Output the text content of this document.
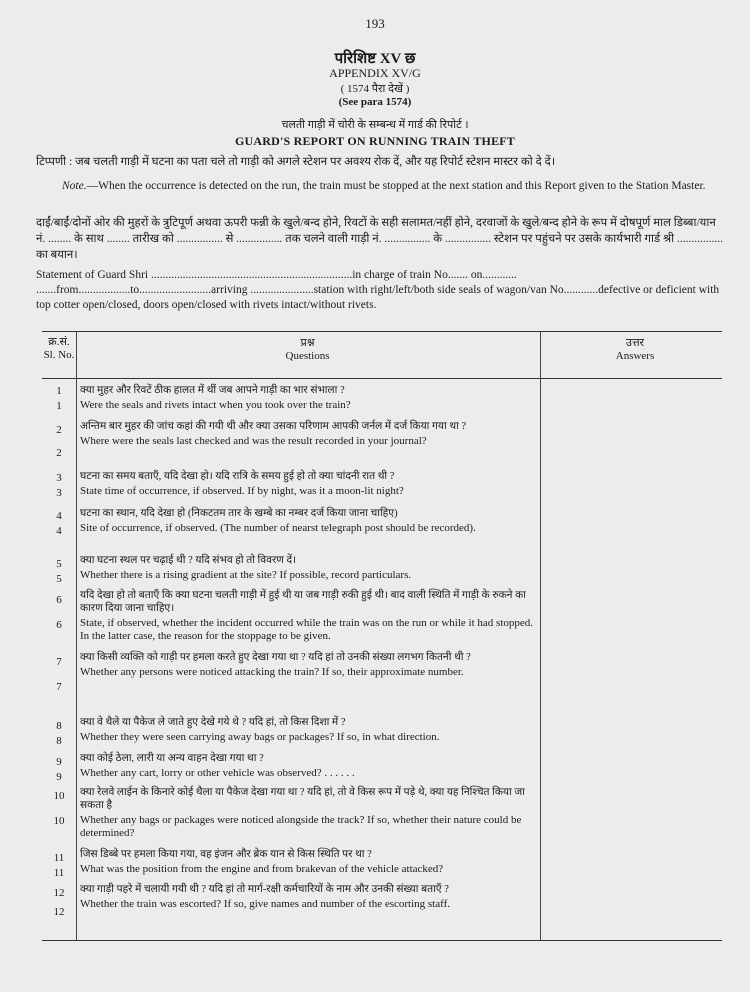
193
परिशिष्ट XV छ
APPENDIX XV/G
( 1574 पैरा देखें )
(See para 1574)
चलती गाड़ी में चोरी के सम्बन्ध में गार्ड की रिपोर्ट ।
GUARD'S REPORT ON RUNNING TRAIN THEFT
टिप्पणी : जब चलती गाड़ी में घटना का पता चले तो गाड़ी को अगले स्टेशन पर अवश्य रोक दें, और यह रिपोर्ट स्टेशन मास्टर को दे दें।
Note.—When the occurrence is detected on the run, the train must be stopped at the next station and this Report given to the Station Master.
दाईं/बाईं/दोनों ओर की मुहरों के त्रुटिपूर्ण अथवा ऊपरी फन्नी के खुले/बन्द होने, रिवटों के सही सलामत/नहीं होने, दरवाजों के खुले/बन्द होने के रूप में दोषपूर्ण माल डिब्बा/यान नं. ........ के साथ ........ तारीख को ................ से ................ तक चलने वाली गाड़ी नं. ................ के ................ स्टेशन पर पहुंचने पर उसके कार्यभारी गार्ड श्री ................ का बयान।
Statement of Guard Shri ......................................................................in charge of train No....... on............ .......from..................to.........................arriving ......................station with right/left/both side seals of wagon/van No............defective or deficient with top cotter open/closed, doors open/closed with rivets intact/without rivets.
क्र.सं.
Sl. No.
प्रश्न
Questions
उत्तर
Answers
1
1
क्या मुहर और रिवटें ठीक हालत में थीं जब आपने गाड़ी का भार संभाला ?
Were the seals and rivets intact when you took over the train?
2
2
अन्तिम बार मुहर की जांच कहां की गयी थी और क्या उसका परिणाम आपकी जर्नल में दर्ज किया गया था ?
Where were the seals last checked and was the result recorded in your journal?
3
3
घटना का समय बताएँ, यदि देखा हो। यदि रात्रि के समय हुई हो तो क्या चांदनी रात थी ?
State time of occurrence, if observed. If by night, was it a moon-lit night?
4
4
घटना का स्थान, यदि देखा हो (निकटतम तार के खम्बे का नम्बर दर्ज किया जाना चाहिए)
Site of occurrence, if observed. (The number of nearst telegraph post should be recorded).
5
5
क्या घटना स्थल पर चढ़ाई थी ? यदि संभव हो तो विवरण दें।
Whether there is a rising gradient at the site? If possible, record particulars.
6
6
यदि देखा हो तो बताएँ कि क्या घटना चलती गाड़ी में हुई थी या जब गाड़ी रुकी हुई थी। बाद वाली स्थिति में गाड़ी के रुकने का कारण दिया जाना चाहिए।
State, if observed, whether the incident occurred while the train was on the run or while it had stopped. In the latter case, the reason for the stoppage to be given.
7
7
क्या किसी व्यक्ति को गाड़ी पर हमला करते हुए देखा गया था ? यदि हां तो उनकी संख्या लगभग कितनी थी ?
Whether any persons were noticed attacking the train? If so, their approximate number.
8
8
क्या वे थैले या पैकेज ले जाते हुए देखे गये थे ? यदि हां, तो किस दिशा में ?
Whether they were seen carrying away bags or packages? If so, in what direction.
9
9
क्या कोई ठेला, लारी या अन्य वाहन देखा गया था ?
Whether any cart, lorry or other vehicle was observed? . . . . . .
10
10
क्या रेलवे लाईन के किनारे कोई थैला या पैकेज देखा गया था ? यदि हां, तो वे किस रूप में पड़े थे, क्या यह निश्चित किया जा सकता है
Whether any bags or packages were noticed alongside the track? If so, whether their nature could be determined?
11
11
जिस डिब्बे पर हमला किया गया, वह इंजन और ब्रेक यान से किस स्थिति पर था ?
What was the position from the engine and from brakevan of the vehicle attacked?
12
12
क्या गाड़ी पहरे में चलायी गयी थी ? यदि हां तो मार्ग-रक्षी कर्मचारियों के नाम और उनकी संख्या बताएँ ?
Whether the train was escorted? If so, give names and number of the escorting staff.
